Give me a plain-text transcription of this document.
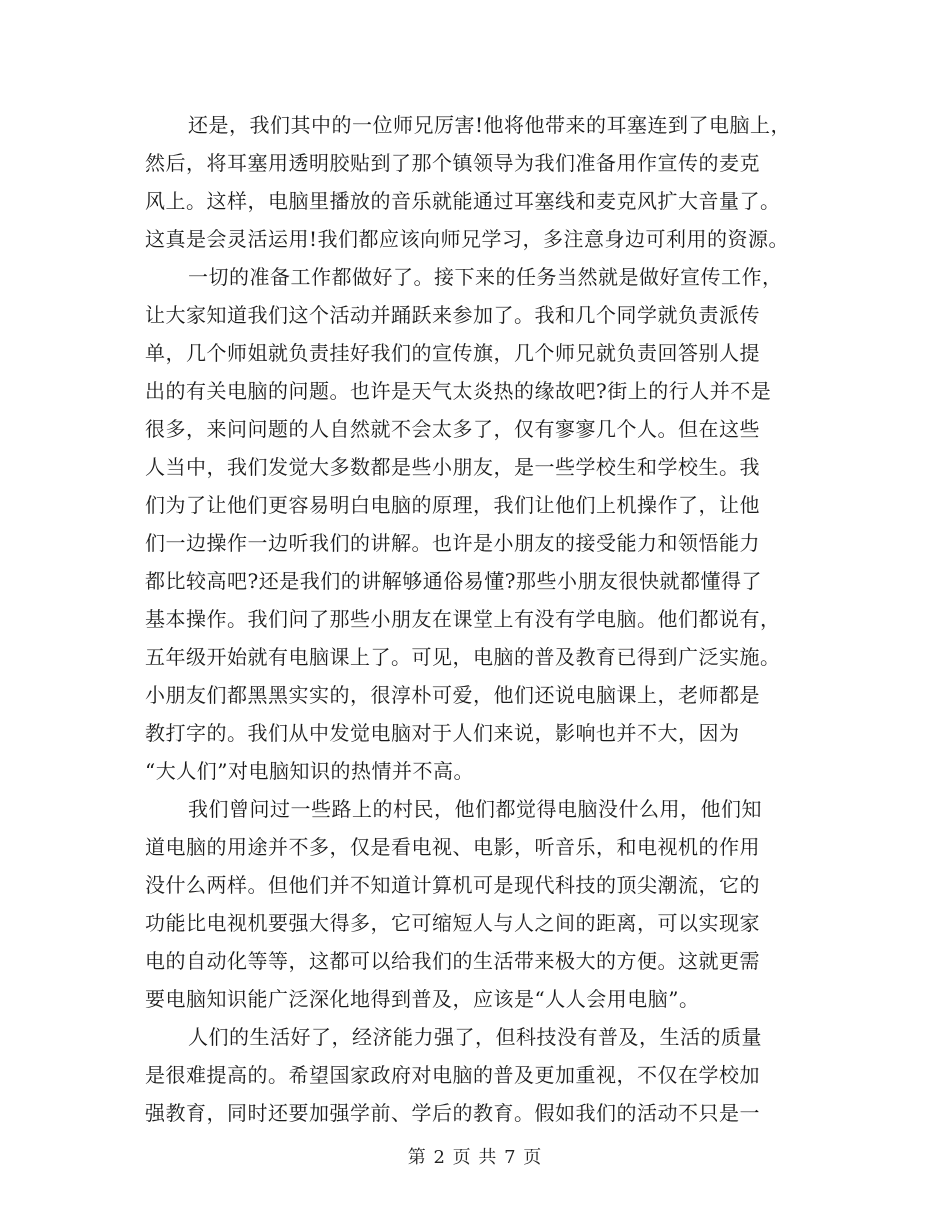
还是，我们其中的一位师兄厉害!他将他带来的耳塞连到了电脑上，
然后，将耳塞用透明胶贴到了那个镇领导为我们准备用作宣传的麦克
风上。这样，电脑里播放的音乐就能通过耳塞线和麦克风扩大音量了。
这真是会灵活运用!我们都应该向师兄学习，多注意身边可利用的资源。
一切的准备工作都做好了。接下来的任务当然就是做好宣传工作，
让大家知道我们这个活动并踊跃来参加了。我和几个同学就负责派传
单，几个师姐就负责挂好我们的宣传旗，几个师兄就负责回答别人提
出的有关电脑的问题。也许是天气太炎热的缘故吧?街上的行人并不是
很多，来问问题的人自然就不会太多了，仅有寥寥几个人。但在这些
人当中，我们发觉大多数都是些小朋友，是一些学校生和学校生。我
们为了让他们更容易明白电脑的原理，我们让他们上机操作了，让他
们一边操作一边听我们的讲解。也许是小朋友的接受能力和领悟能力
都比较高吧?还是我们的讲解够通俗易懂?那些小朋友很快就都懂得了
基本操作。我们问了那些小朋友在课堂上有没有学电脑。他们都说有，
五年级开始就有电脑课上了。可见，电脑的普及教育已得到广泛实施。
小朋友们都黑黑实实的，很淳朴可爱，他们还说电脑课上，老师都是
教打字的。我们从中发觉电脑对于人们来说，影响也并不大，因为
“大人们”对电脑知识的热情并不高。
我们曾问过一些路上的村民，他们都觉得电脑没什么用，他们知
道电脑的用途并不多，仅是看电视、电影，听音乐，和电视机的作用
没什么两样。但他们并不知道计算机可是现代科技的顶尖潮流，它的
功能比电视机要强大得多，它可缩短人与人之间的距离，可以实现家
电的自动化等等，这都可以给我们的生活带来极大的方便。这就更需
要电脑知识能广泛深化地得到普及，应该是“人人会用电脑”。
人们的生活好了，经济能力强了，但科技没有普及，生活的质量
是很难提高的。希望国家政府对电脑的普及更加重视，不仅在学校加
强教育，同时还要加强学前、学后的教育。假如我们的活动不只是一
第 2 页 共 7 页
